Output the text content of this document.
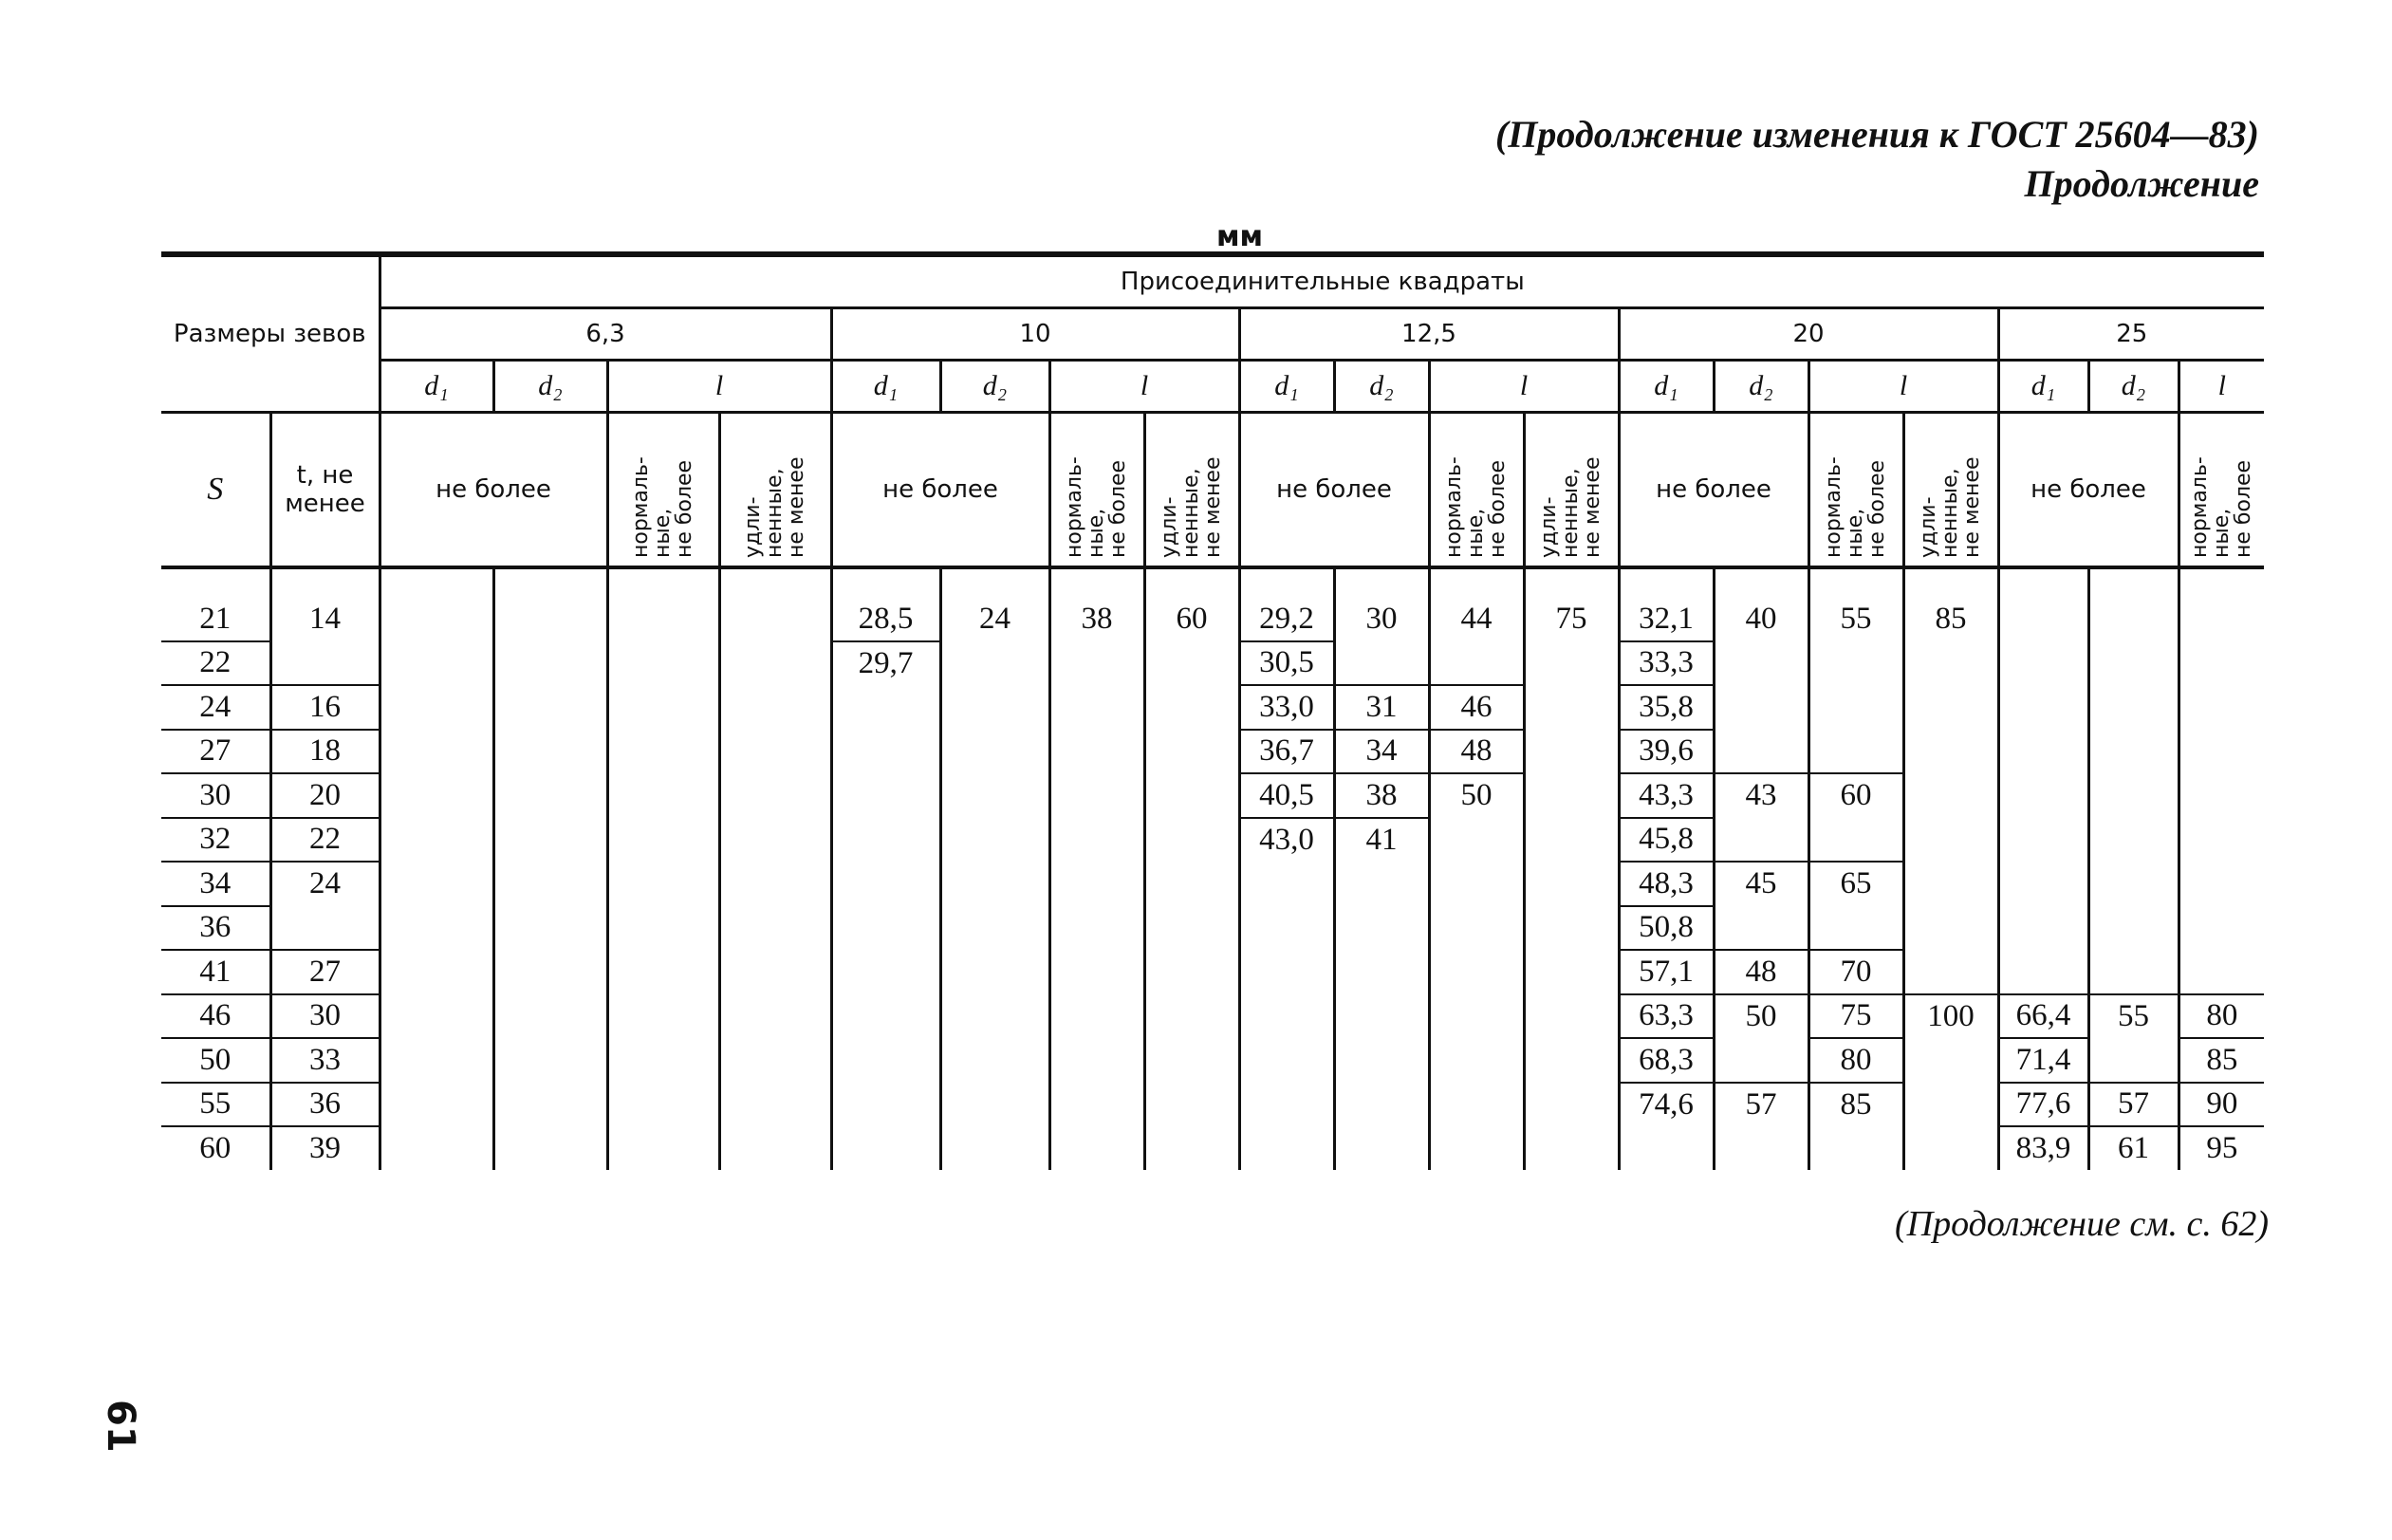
(Продолжение изменения к ГОСТ 25604—83)
Продолжение
мм
Размеры зевов		Присоединительные квадраты																		
		6,3				10				12,5				20				25		
		d₁	d₂	l		d₁	d₂	l		d₁	d₂	l		d₁	d₂	l		d₁	d₂	l
S	t, не менее	не более		нормаль-
ные,
не более	удли-
ненные,
не менее	не более		нормаль-
ные,
не более	удли-
ненные,
не менее	не более		нормаль-
ные,
не более	удли-
ненные,
не менее	не более		нормаль-
ные,
не более	удли-
ненные,
не менее	не более		нормаль-
ные,
не более
21	14					28,5	24	38	60	29,2	30	44	75	32,1	40	55	85			
22						29,7				30,5				33,3						
24	16									33,0	31	46		35,8						
27	18									36,7	34	48		39,6						
30	20									40,5	38	50		43,3	43	60				
32	22									43,0	41			45,8						
34	24													48,3	45	65				
36														50,8						
41	27													57,1	48	70				
46	30													63,3	50	75	100	66,4	55	80
50	33													68,3		80		71,4		85
55	36													74,6	57	85		77,6	57	90
60	39																	83,9	61	95
(Продолжение см. с. 62)
61
